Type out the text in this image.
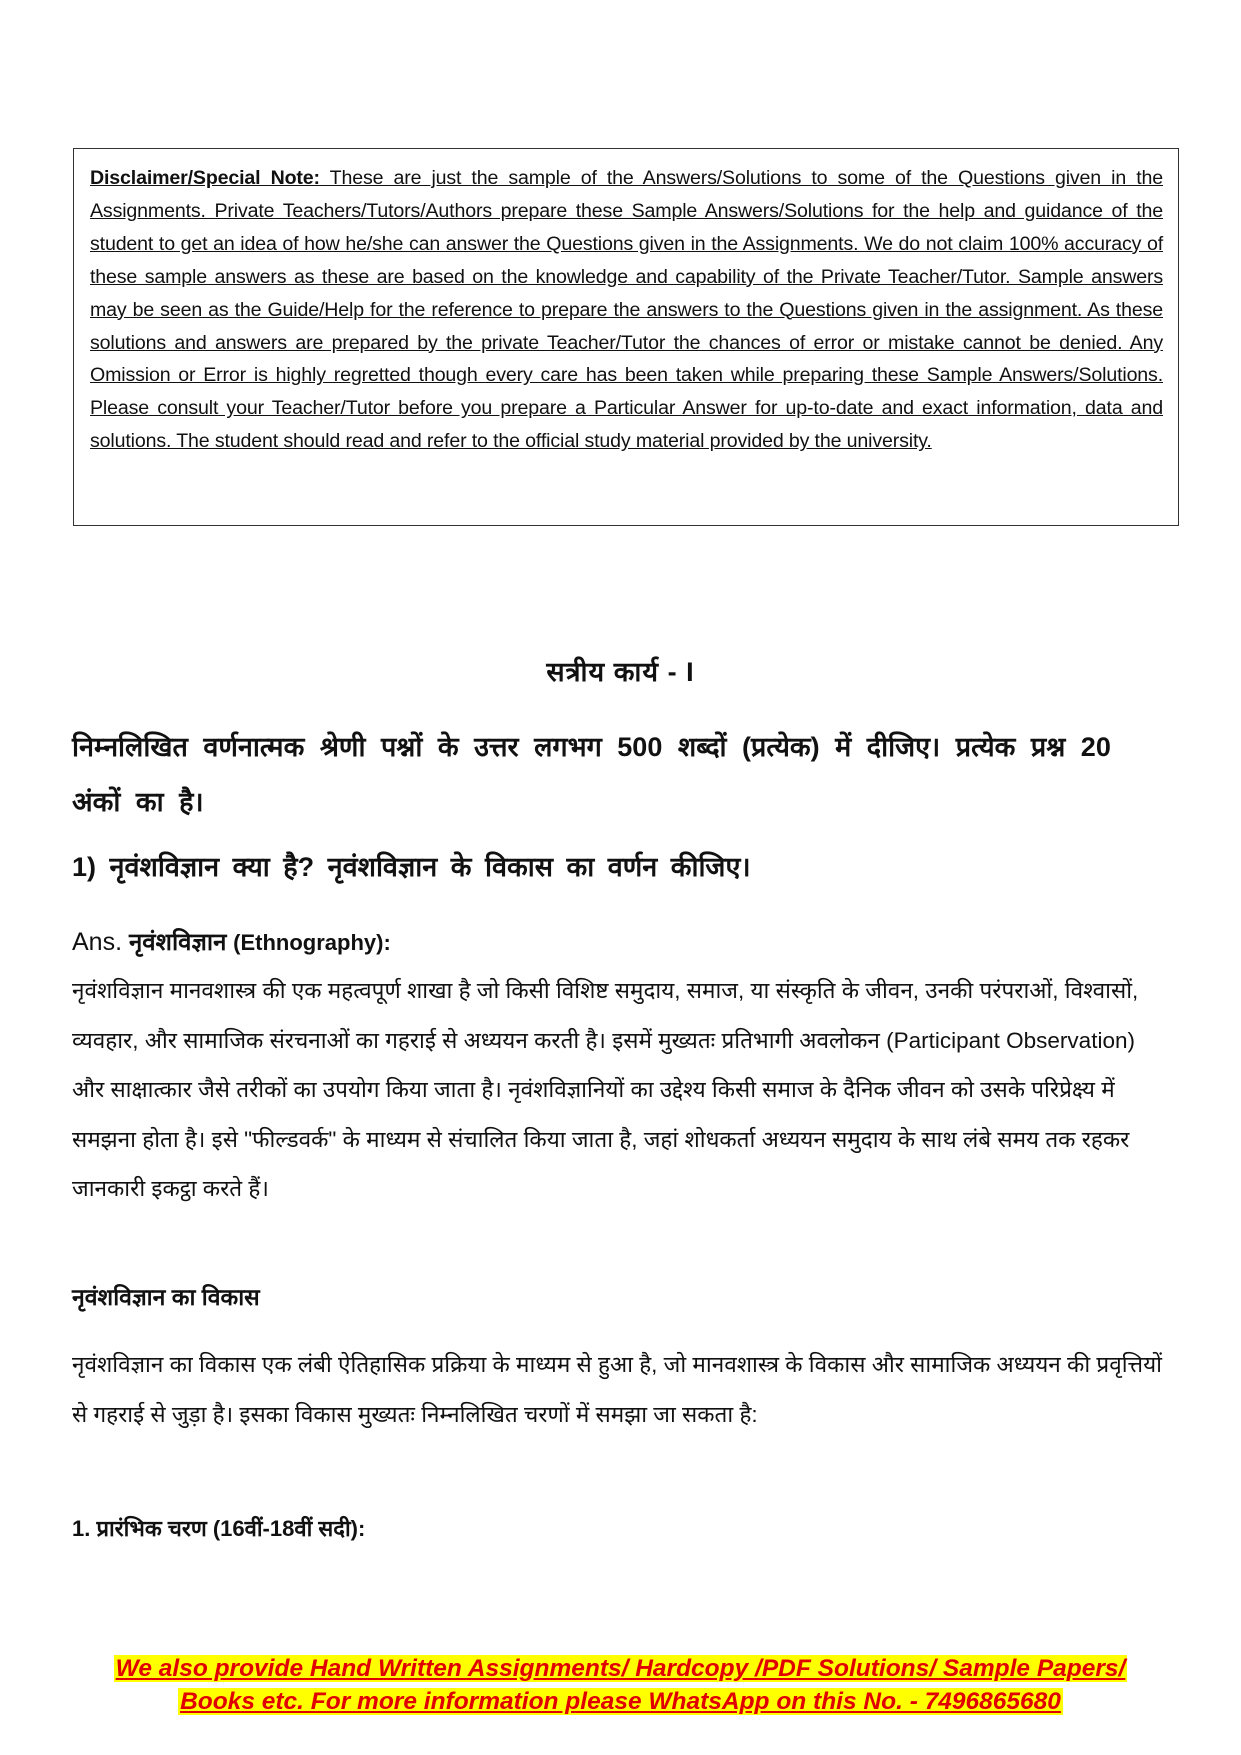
Disclaimer/Special Note: These are just the sample of the Answers/Solutions to some of the Questions given in the Assignments. Private Teachers/Tutors/Authors prepare these Sample Answers/Solutions for the help and guidance of the student to get an idea of how he/she can answer the Questions given in the Assignments. We do not claim 100% accuracy of these sample answers as these are based on the knowledge and capability of the Private Teacher/Tutor. Sample answers may be seen as the Guide/Help for the reference to prepare the answers to the Questions given in the assignment. As these solutions and answers are prepared by the private Teacher/Tutor the chances of error or mistake cannot be denied. Any Omission or Error is highly regretted though every care has been taken while preparing these Sample Answers/Solutions. Please consult your Teacher/Tutor before you prepare a Particular Answer for up-to-date and exact information, data and solutions. The student should read and refer to the official study material provided by the university.

सत्रीय कार्य - I

निम्नलिखित वर्णनात्मक श्रेणी पश्नों के उत्तर लगभग 500 शब्दों (प्रत्येक) में दीजिए। प्रत्येक प्रश्न 20 अंकों का है।

1) नृवंशविज्ञान क्या है? नृवंशविज्ञान के विकास का वर्णन कीजिए।

Ans. नृवंशविज्ञान (Ethnography):

नृवंशविज्ञान मानवशास्त्र की एक महत्वपूर्ण शाखा है जो किसी विशिष्ट समुदाय, समाज, या संस्कृति के जीवन, उनकी परंपराओं, विश्वासों, व्यवहार, और सामाजिक संरचनाओं का गहराई से अध्ययन करती है। इसमें मुख्यतः प्रतिभागी अवलोकन (Participant Observation) और साक्षात्कार जैसे तरीकों का उपयोग किया जाता है। नृवंशविज्ञानियों का उद्देश्य किसी समाज के दैनिक जीवन को उसके परिप्रेक्ष्य में समझना होता है। इसे "फील्डवर्क" के माध्यम से संचालित किया जाता है, जहां शोधकर्ता अध्ययन समुदाय के साथ लंबे समय तक रहकर जानकारी इकट्ठा करते हैं।

नृवंशविज्ञान का विकास

नृवंशविज्ञान का विकास एक लंबी ऐतिहासिक प्रक्रिया के माध्यम से हुआ है, जो मानवशास्त्र के विकास और सामाजिक अध्ययन की प्रवृत्तियों से गहराई से जुड़ा है। इसका विकास मुख्यतः निम्नलिखित चरणों में समझा जा सकता है:

1. प्रारंभिक चरण (16वीं-18वीं सदी):

We also provide Hand Written Assignments/ Hardcopy /PDF Solutions/ Sample Papers/
Books etc. For more information please WhatsApp on this No. - 7496865680
